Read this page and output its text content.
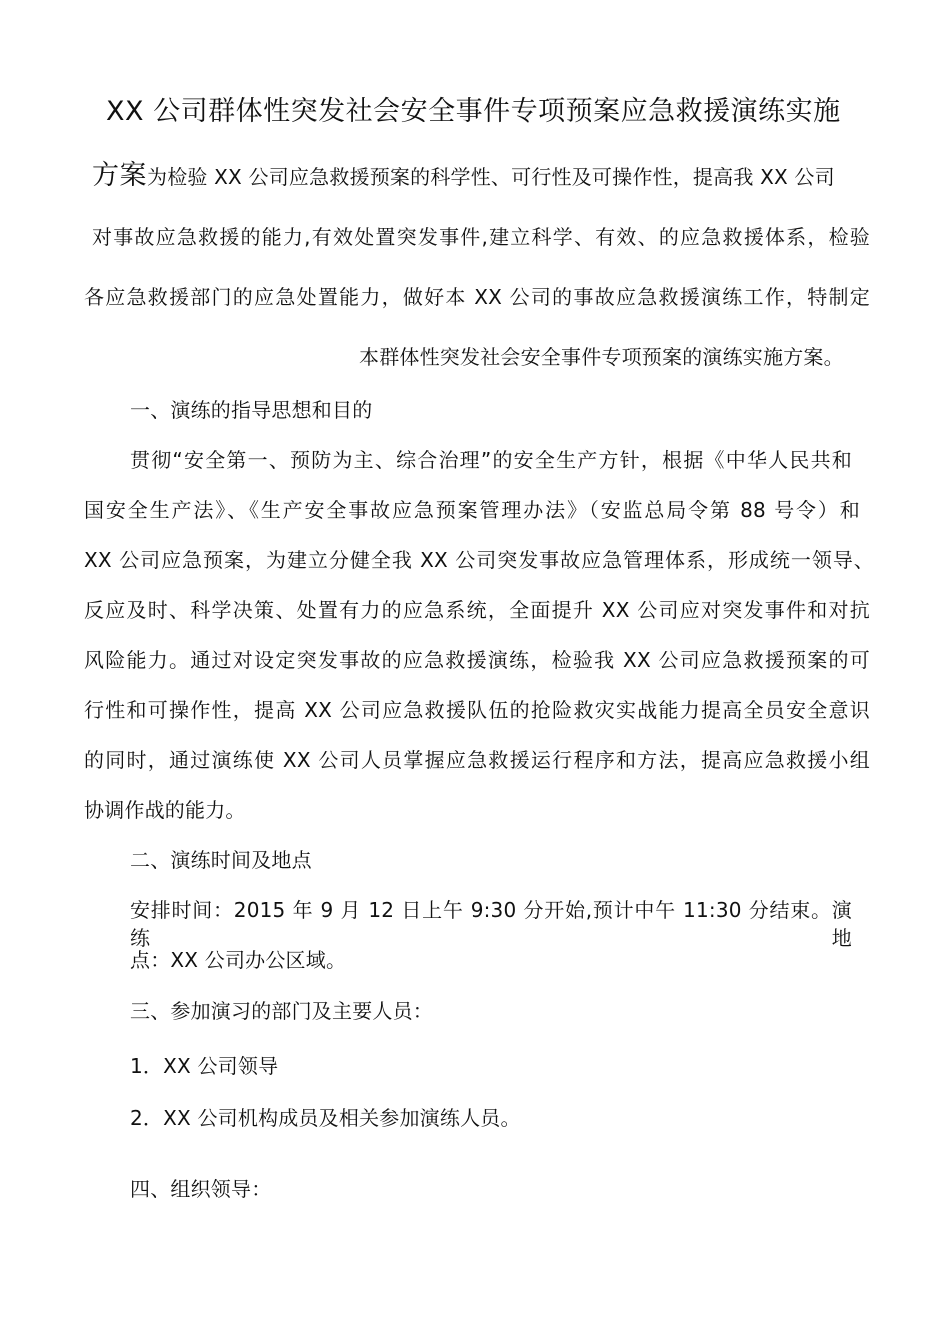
XX 公司群体性突发社会安全事件专项预案应急救援演练实施
方案为检验 XX 公司应急救援预案的科学性、可行性及可操作性，提高我 XX 公司
对事故应急救援的能力,有效处置突发事件,建立科学、有效、的应急救援体系，检验
各应急救援部门的应急处置能力，做好本 XX 公司的事故应急救援演练工作，特制定
本群体性突发社会安全事件专项预案的演练实施方案。
一、演练的指导思想和目的
贯彻“安全第一、预防为主、综合治理”的安全生产方针，根据《中华人民共和
国安全生产法》、《生产安全事故应急预案管理办法》（安监总局令第 88 号令）和
XX 公司应急预案，为建立分健全我 XX 公司突发事故应急管理体系，形成统一领导、
反应及时、科学决策、处置有力的应急系统，全面提升 XX 公司应对突发事件和对抗
风险能力。通过对设定突发事故的应急救援演练，检验我 XX 公司应急救援预案的可
行性和可操作性，提高 XX 公司应急救援队伍的抢险救灾实战能力提高全员安全意识
的同时，通过演练使 XX 公司人员掌握应急救援运行程序和方法，提高应急救援小组
协调作战的能力。
二、演练时间及地点
安排时间：2015 年 9 月 12 日上午 9:30 分开始,预计中午 11:30 分结束。演练地
点：XX 公司办公区域。
三、参加演习的部门及主要人员：
1．XX 公司领导
2．XX 公司机构成员及相关参加演练人员。
四、组织领导：
